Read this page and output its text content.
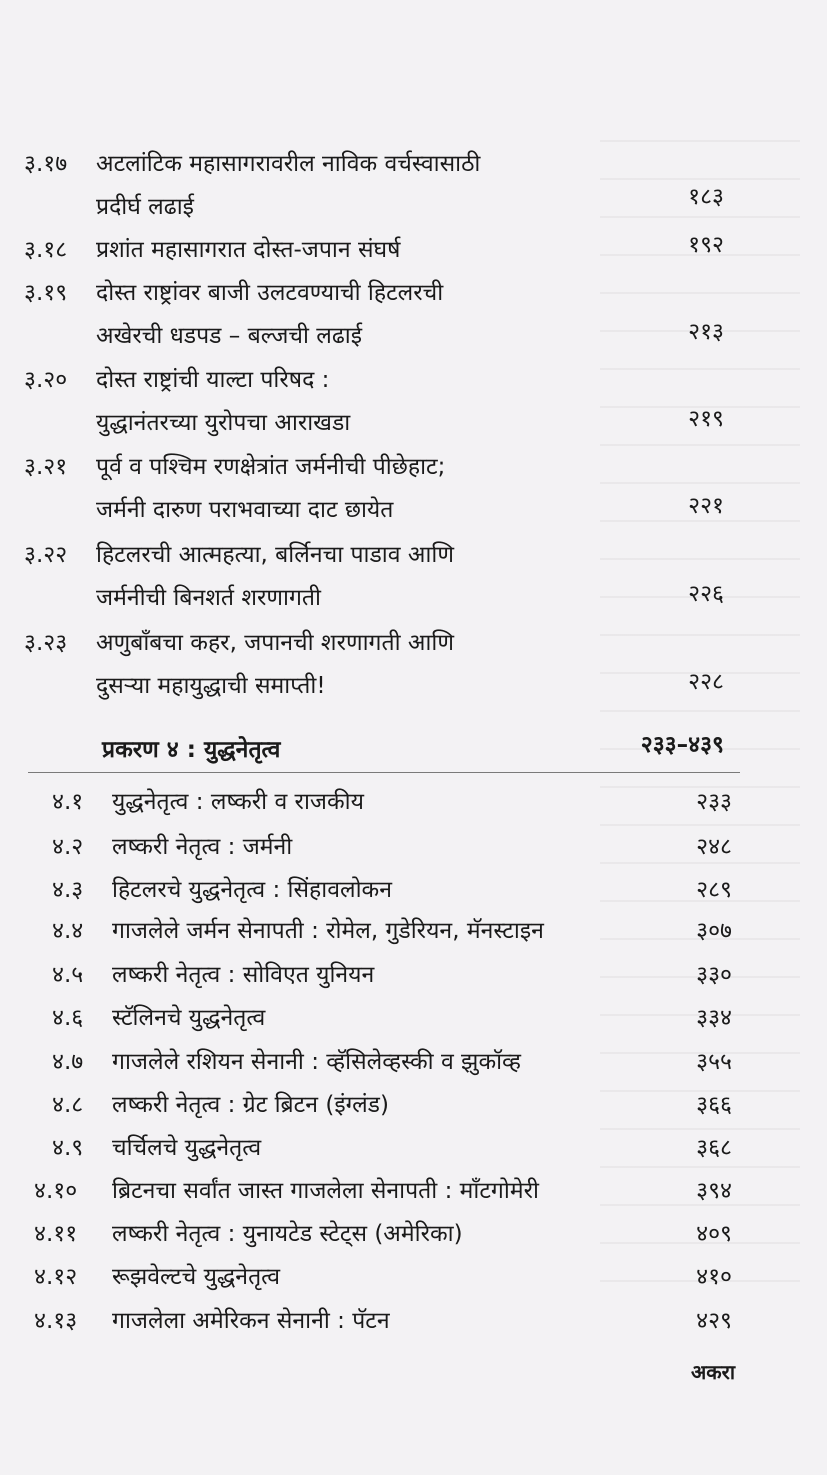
३.१७ अटलांटिक महासागरावरील नाविक वर्चस्वासाठी
प्रदीर्घ लढाई	१८३
३.१८ प्रशांत महासागरात दोस्त-जपान संघर्ष	१९२
३.१९ दोस्त राष्ट्रांवर बाजी उलटवण्याची हिटलरची
अखेरची धडपड – बल्जची लढाई	२१३
३.२० दोस्त राष्ट्रांची याल्टा परिषद :
युद्धानंतरच्या युरोपचा आराखडा	२१९
३.२१ पूर्व व पश्चिम रणक्षेत्रांत जर्मनीची पीछेहाट;
जर्मनी दारुण पराभवाच्या दाट छायेत	२२१
३.२२ हिटलरची आत्महत्या, बर्लिनचा पाडाव आणि
जर्मनीची बिनशर्त शरणागती	२२६
३.२३ अणुबाँबचा कहर, जपानची शरणागती आणि
दुसऱ्या महायुद्धाची समाप्ती!	२२८
प्रकरण ४ : युद्धनेतृत्व	२३३–४३९
४.१ युद्धनेतृत्व : लष्करी व राजकीय	२३३
४.२ लष्करी नेतृत्व : जर्मनी	२४८
४.३ हिटलरचे युद्धनेतृत्व : सिंहावलोकन	२८९
४.४ गाजलेले जर्मन सेनापती : रोमेल, गुडेरियन, मॅनस्टाइन	३०७
४.५ लष्करी नेतृत्व : सोविएत युनियन	३३०
४.६ स्टॅलिनचे युद्धनेतृत्व	३३४
४.७ गाजलेले रशियन सेनानी : व्हॅसिलेव्हस्की व झुकॉव्ह	३५५
४.८ लष्करी नेतृत्व : ग्रेट ब्रिटन (इंग्लंड)	३६६
४.९ चर्चिलचे युद्धनेतृत्व	३६८
४.१० ब्रिटनचा सर्वांत जास्त गाजलेला सेनापती : माँटगोमेरी	३९४
४.११ लष्करी नेतृत्व : युनायटेड स्टेट्स (अमेरिका)	४०९
४.१२ रूझवेल्टचे युद्धनेतृत्व	४१०
४.१३ गाजलेला अमेरिकन सेनानी : पॅटन	४२९
अकरा
